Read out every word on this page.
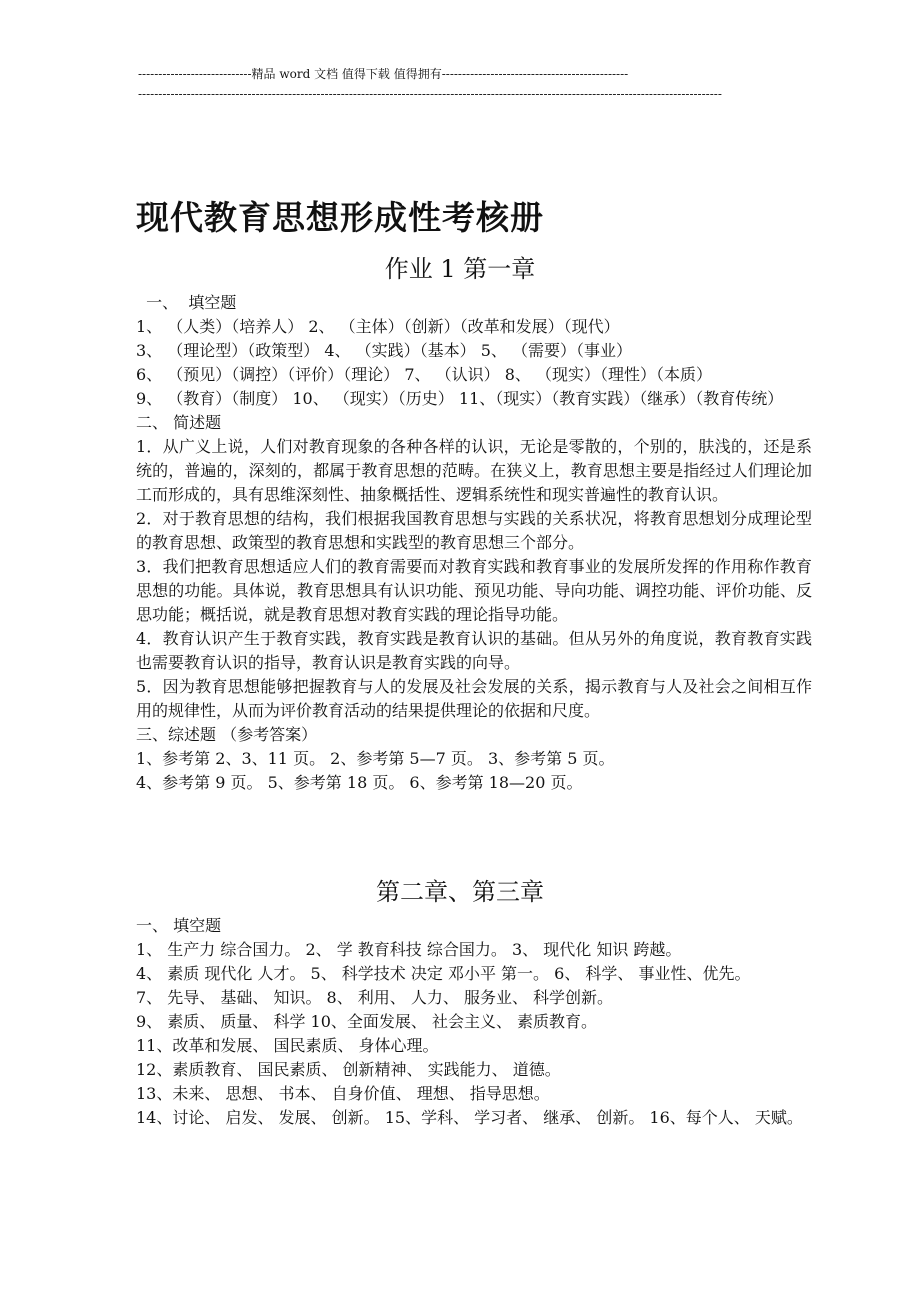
----------------------------精品 word 文档 值得下载 值得拥有----------------------------------------------
------------------------------------------------------------------------------------------------------------------------------------------------
现代教育思想形成性考核册
作业 1 第一章

一、  填空题

1、 （人类）（培养人） 2、 （主体）（创新）（改革和发展）（现代）

3、 （理论型）（政策型） 4、 （实践）（基本） 5、 （需要）（事业）

6、 （预见）（调控）（评价）（理论） 7、 （认识） 8、 （现实）（理性）（本质）

9、 （教育）（制度） 10、 （现实）（历史） 11、（现实）（教育实践）（继承）（教育传统）

二、 简述题

1．从广义上说，人们对教育现象的各种各样的认识，无论是零散的，个别的，肤浅的，还是系统的，普遍的，深刻的，都属于教育思想的范畴。在狭义上，教育思想主要是指经过人们理论加工而形成的，具有思维深刻性、抽象概括性、逻辑系统性和现实普遍性的教育认识。

2．对于教育思想的结构，我们根据我国教育思想与实践的关系状况，将教育思想划分成理论型的教育思想、政策型的教育思想和实践型的教育思想三个部分。

3．我们把教育思想适应人们的教育需要而对教育实践和教育事业的发展所发挥的作用称作教育思想的功能。具体说，教育思想具有认识功能、预见功能、导向功能、调控功能、评价功能、反思功能；概括说，就是教育思想对教育实践的理论指导功能。

4．教育认识产生于教育实践，教育实践是教育认识的基础。但从另外的角度说，教育教育实践也需要教育认识的指导，教育认识是教育实践的向导。

5．因为教育思想能够把握教育与人的发展及社会发展的关系，揭示教育与人及社会之间相互作用的规律性，从而为评价教育活动的结果提供理论的依据和尺度。

三、综述题 （参考答案）

1、参考第 2、3、11 页。 2、参考第 5—7 页。 3、参考第 5 页。

4、参考第 9 页。 5、参考第 18 页。 6、参考第 18—20 页。

第二章、第三章

一、 填空题

1、 生产力 综合国力。 2、 学 教育科技 综合国力。 3、 现代化 知识 跨越。

4、 素质 现代化 人才。 5、 科学技术 决定 邓小平 第一。 6、 科学、 事业性、优先。

7、 先导、 基础、 知识。 8、 利用、 人力、 服务业、 科学创新。

9、 素质、 质量、 科学 10、全面发展、 社会主义、 素质教育。

11、改革和发展、 国民素质、 身体心理。

12、素质教育、 国民素质、 创新精神、 实践能力、 道德。

13、未来、 思想、 书本、 自身价值、 理想、 指导思想。

14、讨论、 启发、 发展、 创新。 15、学科、 学习者、 继承、 创新。 16、每个人、 天赋。
